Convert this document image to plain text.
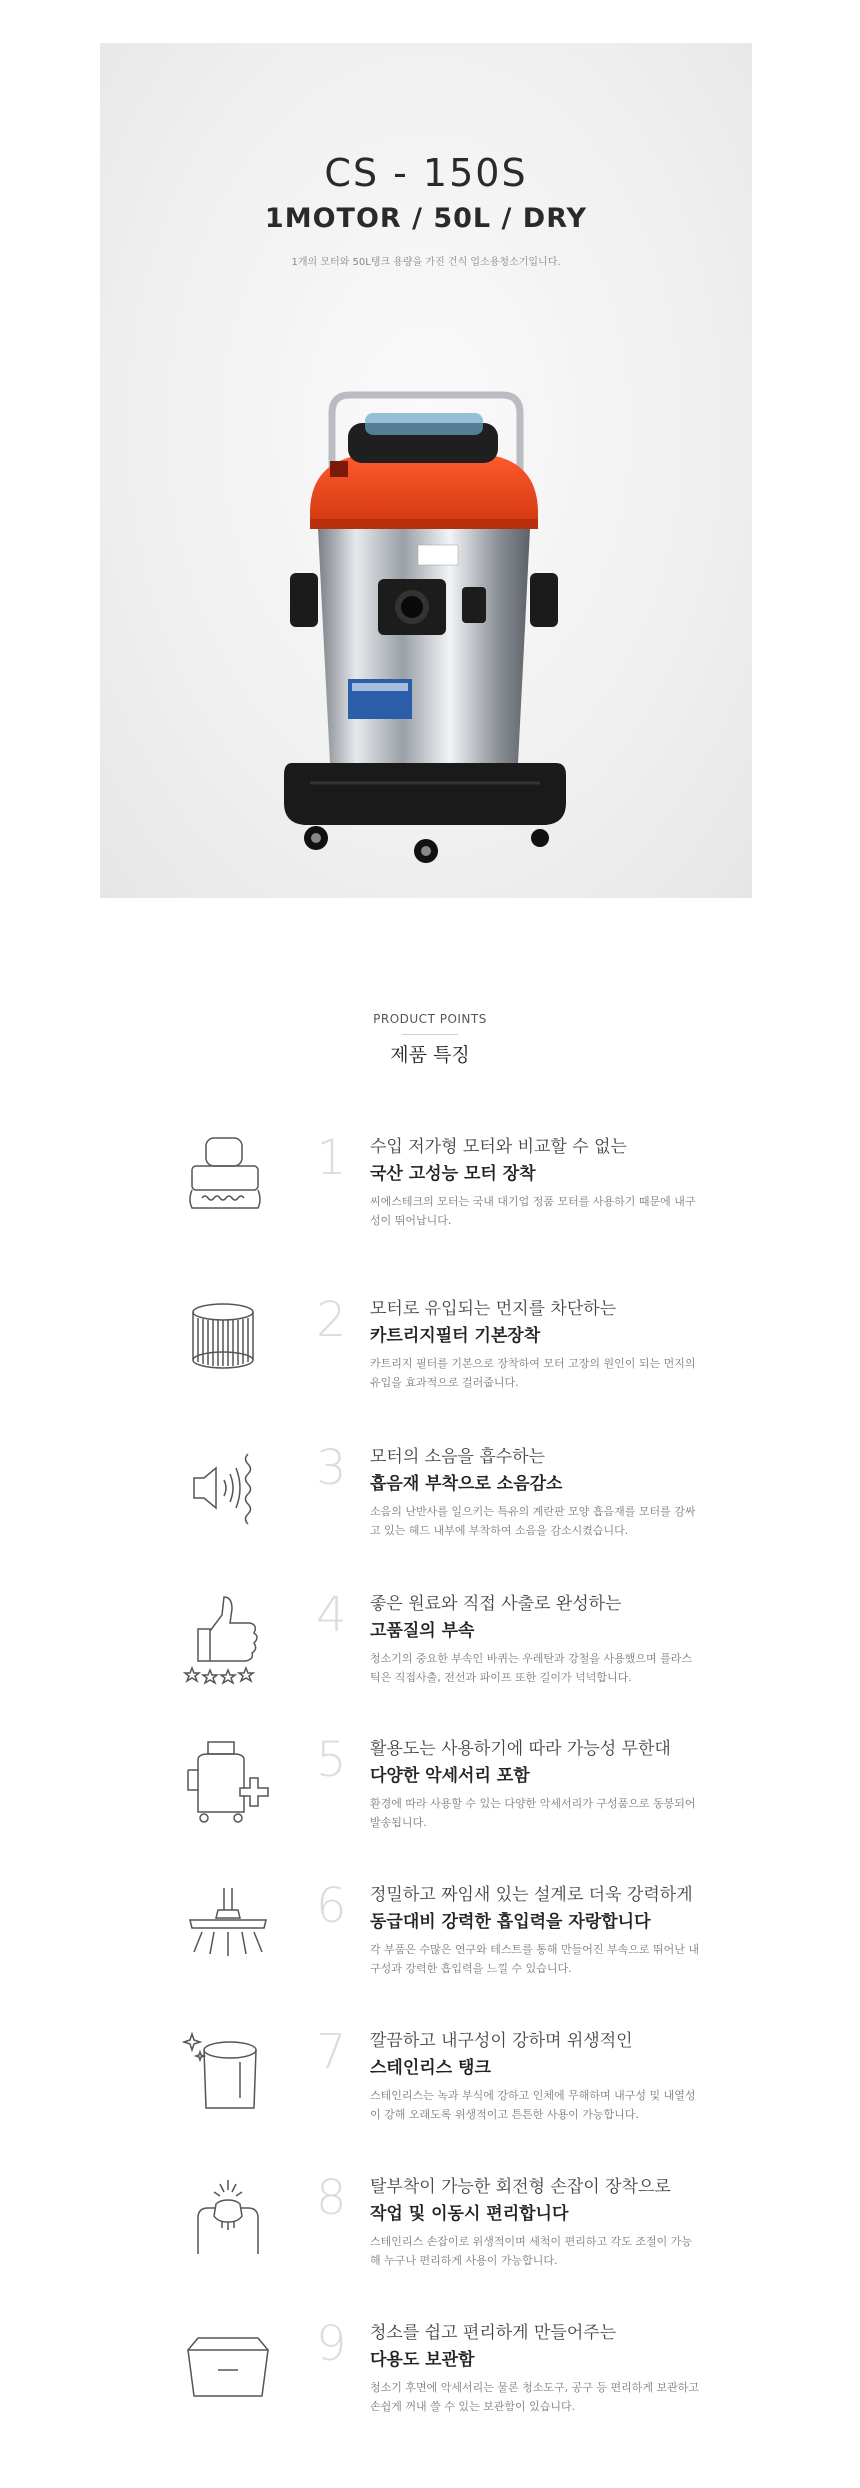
CS - 150S
1MOTOR / 50L / DRY
1개의 모터와 50L탱크 용량을 가진 건식 업소용청소기입니다.
PRODUCT POINTS
제품 특징
1 수입 저가형 모터와 비교할 수 없는
국산 고성능 모터 장착
씨에스테크의 모터는 국내 대기업 정품 모터를 사용하기 때문에 내구성이 뛰어납니다.
2 모터로 유입되는 먼지를 차단하는
카트리지필터 기본장착
카트리지 필터를 기본으로 장착하여 모터 고장의 원인이 되는 먼지의 유입을 효과적으로 걸러줍니다.
3 모터의 소음을 흡수하는
흡음재 부착으로 소음감소
소음의 난반사를 일으키는 특유의 계란판 모양 흡음재를 모터를 감싸고 있는 헤드 내부에 부착하여 소음을 감소시켰습니다.
4 좋은 원료와 직접 사출로 완성하는
고품질의 부속
청소기의 중요한 부속인 바퀴는 우레탄과 강철을 사용했으며 플라스틱은 직접사출, 전선과 파이프 또한 길이가 넉넉합니다.
5 활용도는 사용하기에 따라 가능성 무한대
다양한 악세서리 포함
환경에 따라 사용할 수 있는 다양한 악세서리가 구성품으로 동봉되어 발송됩니다.
6 정밀하고 짜임새 있는 설계로 더욱 강력하게
동급대비 강력한 흡입력을 자랑합니다
각 부품은 수많은 연구와 테스트를 통해 만들어진 부속으로 뛰어난 내구성과 강력한 흡입력을 느낄 수 있습니다.
7 깔끔하고 내구성이 강하며 위생적인
스테인리스 탱크
스테인리스는 녹과 부식에 강하고 인체에 무해하며 내구성 및 내열성이 강해 오래도록 위생적이고 튼튼한 사용이 가능합니다.
8 탈부착이 가능한 회전형 손잡이 장착으로
작업 및 이동시 편리합니다
스테인리스 손잡이로 위생적이며 세척이 편리하고 각도 조절이 가능해 누구나 편리하게 사용이 가능합니다.
9 청소를 쉽고 편리하게 만들어주는
다용도 보관함
청소기 후면에 악세서리는 물론 청소도구, 공구 등 편리하게 보관하고 손쉽게 꺼내 쓸 수 있는 보관함이 있습니다.
